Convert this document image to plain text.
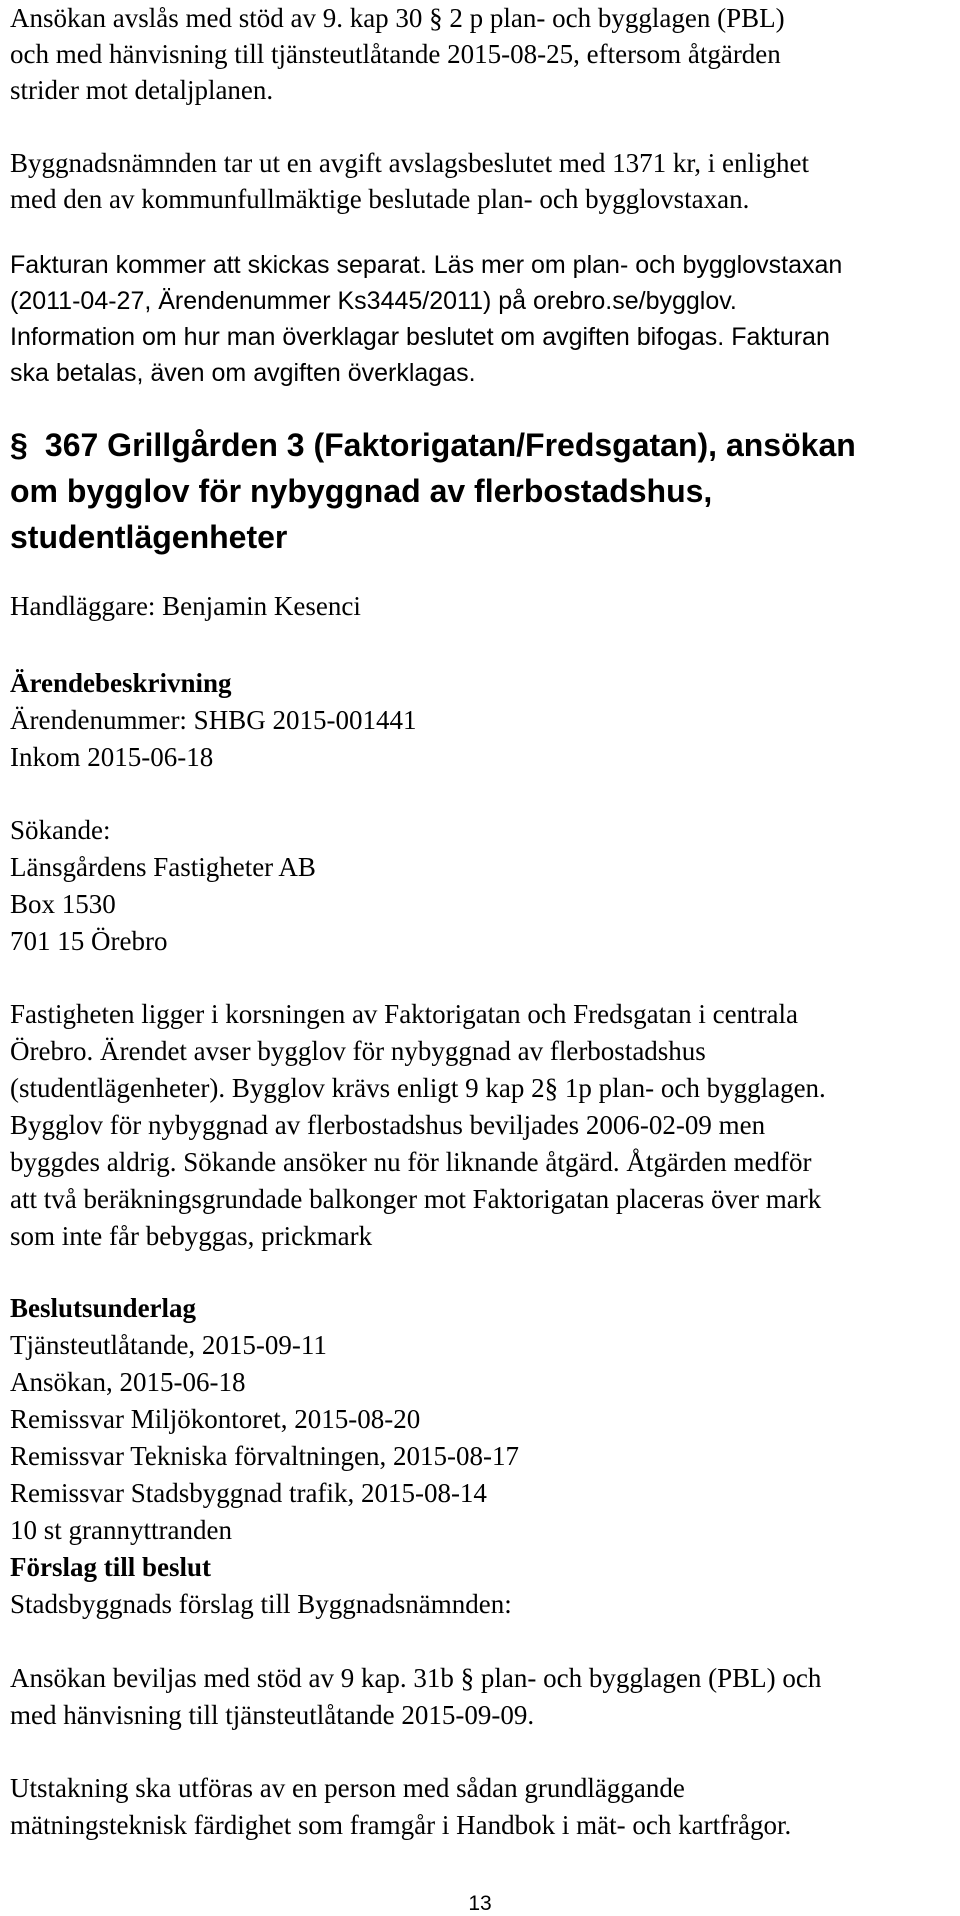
Ansökan avslås med stöd av 9. kap 30 § 2 p plan- och bygglagen (PBL)
och med hänvisning till tjänsteutlåtande 2015-08-25, eftersom åtgärden
strider mot detaljplanen.
Byggnadsnämnden tar ut en avgift avslagsbeslutet med 1371 kr, i enlighet
med den av kommunfullmäktige beslutade plan- och bygglovstaxan.
Fakturan kommer att skickas separat. Läs mer om plan- och bygglovstaxan
(2011-04-27, Ärendenummer Ks3445/2011) på orebro.se/bygglov.
Information om hur man överklagar beslutet om avgiften bifogas. Fakturan
ska betalas, även om avgiften överklagas.
§ 367 Grillgården 3 (Faktorigatan/Fredsgatan), ansökan
om bygglov för nybyggnad av flerbostadshus,
studentlägenheter
Handläggare: Benjamin Kesenci
Ärendebeskrivning
Ärendenummer: SHBG 2015-001441
Inkom 2015-06-18
Sökande:
Länsgårdens Fastigheter AB
Box 1530
701 15 Örebro
Fastigheten ligger i korsningen av Faktorigatan och Fredsgatan i centrala
Örebro. Ärendet avser bygglov för nybyggnad av flerbostadshus
(studentlägenheter). Bygglov krävs enligt 9 kap 2§ 1p plan- och bygglagen.
Bygglov för nybyggnad av flerbostadshus beviljades 2006-02-09 men
byggdes aldrig. Sökande ansöker nu för liknande åtgärd. Åtgärden medför
att två beräkningsgrundade balkonger mot Faktorigatan placeras över mark
som inte får bebyggas, prickmark
Beslutsunderlag
Tjänsteutlåtande, 2015-09-11
Ansökan, 2015-06-18
Remissvar Miljökontoret, 2015-08-20
Remissvar Tekniska förvaltningen, 2015-08-17
Remissvar Stadsbyggnad trafik, 2015-08-14
10 st grannyttranden
Förslag till beslut
Stadsbyggnads förslag till Byggnadsnämnden:
Ansökan beviljas med stöd av 9 kap. 31b § plan- och bygglagen (PBL) och
med hänvisning till tjänsteutlåtande 2015-09-09.
Utstakning ska utföras av en person med sådan grundläggande
mätningsteknisk färdighet som framgår i Handbok i mät- och kartfrågor.
13
